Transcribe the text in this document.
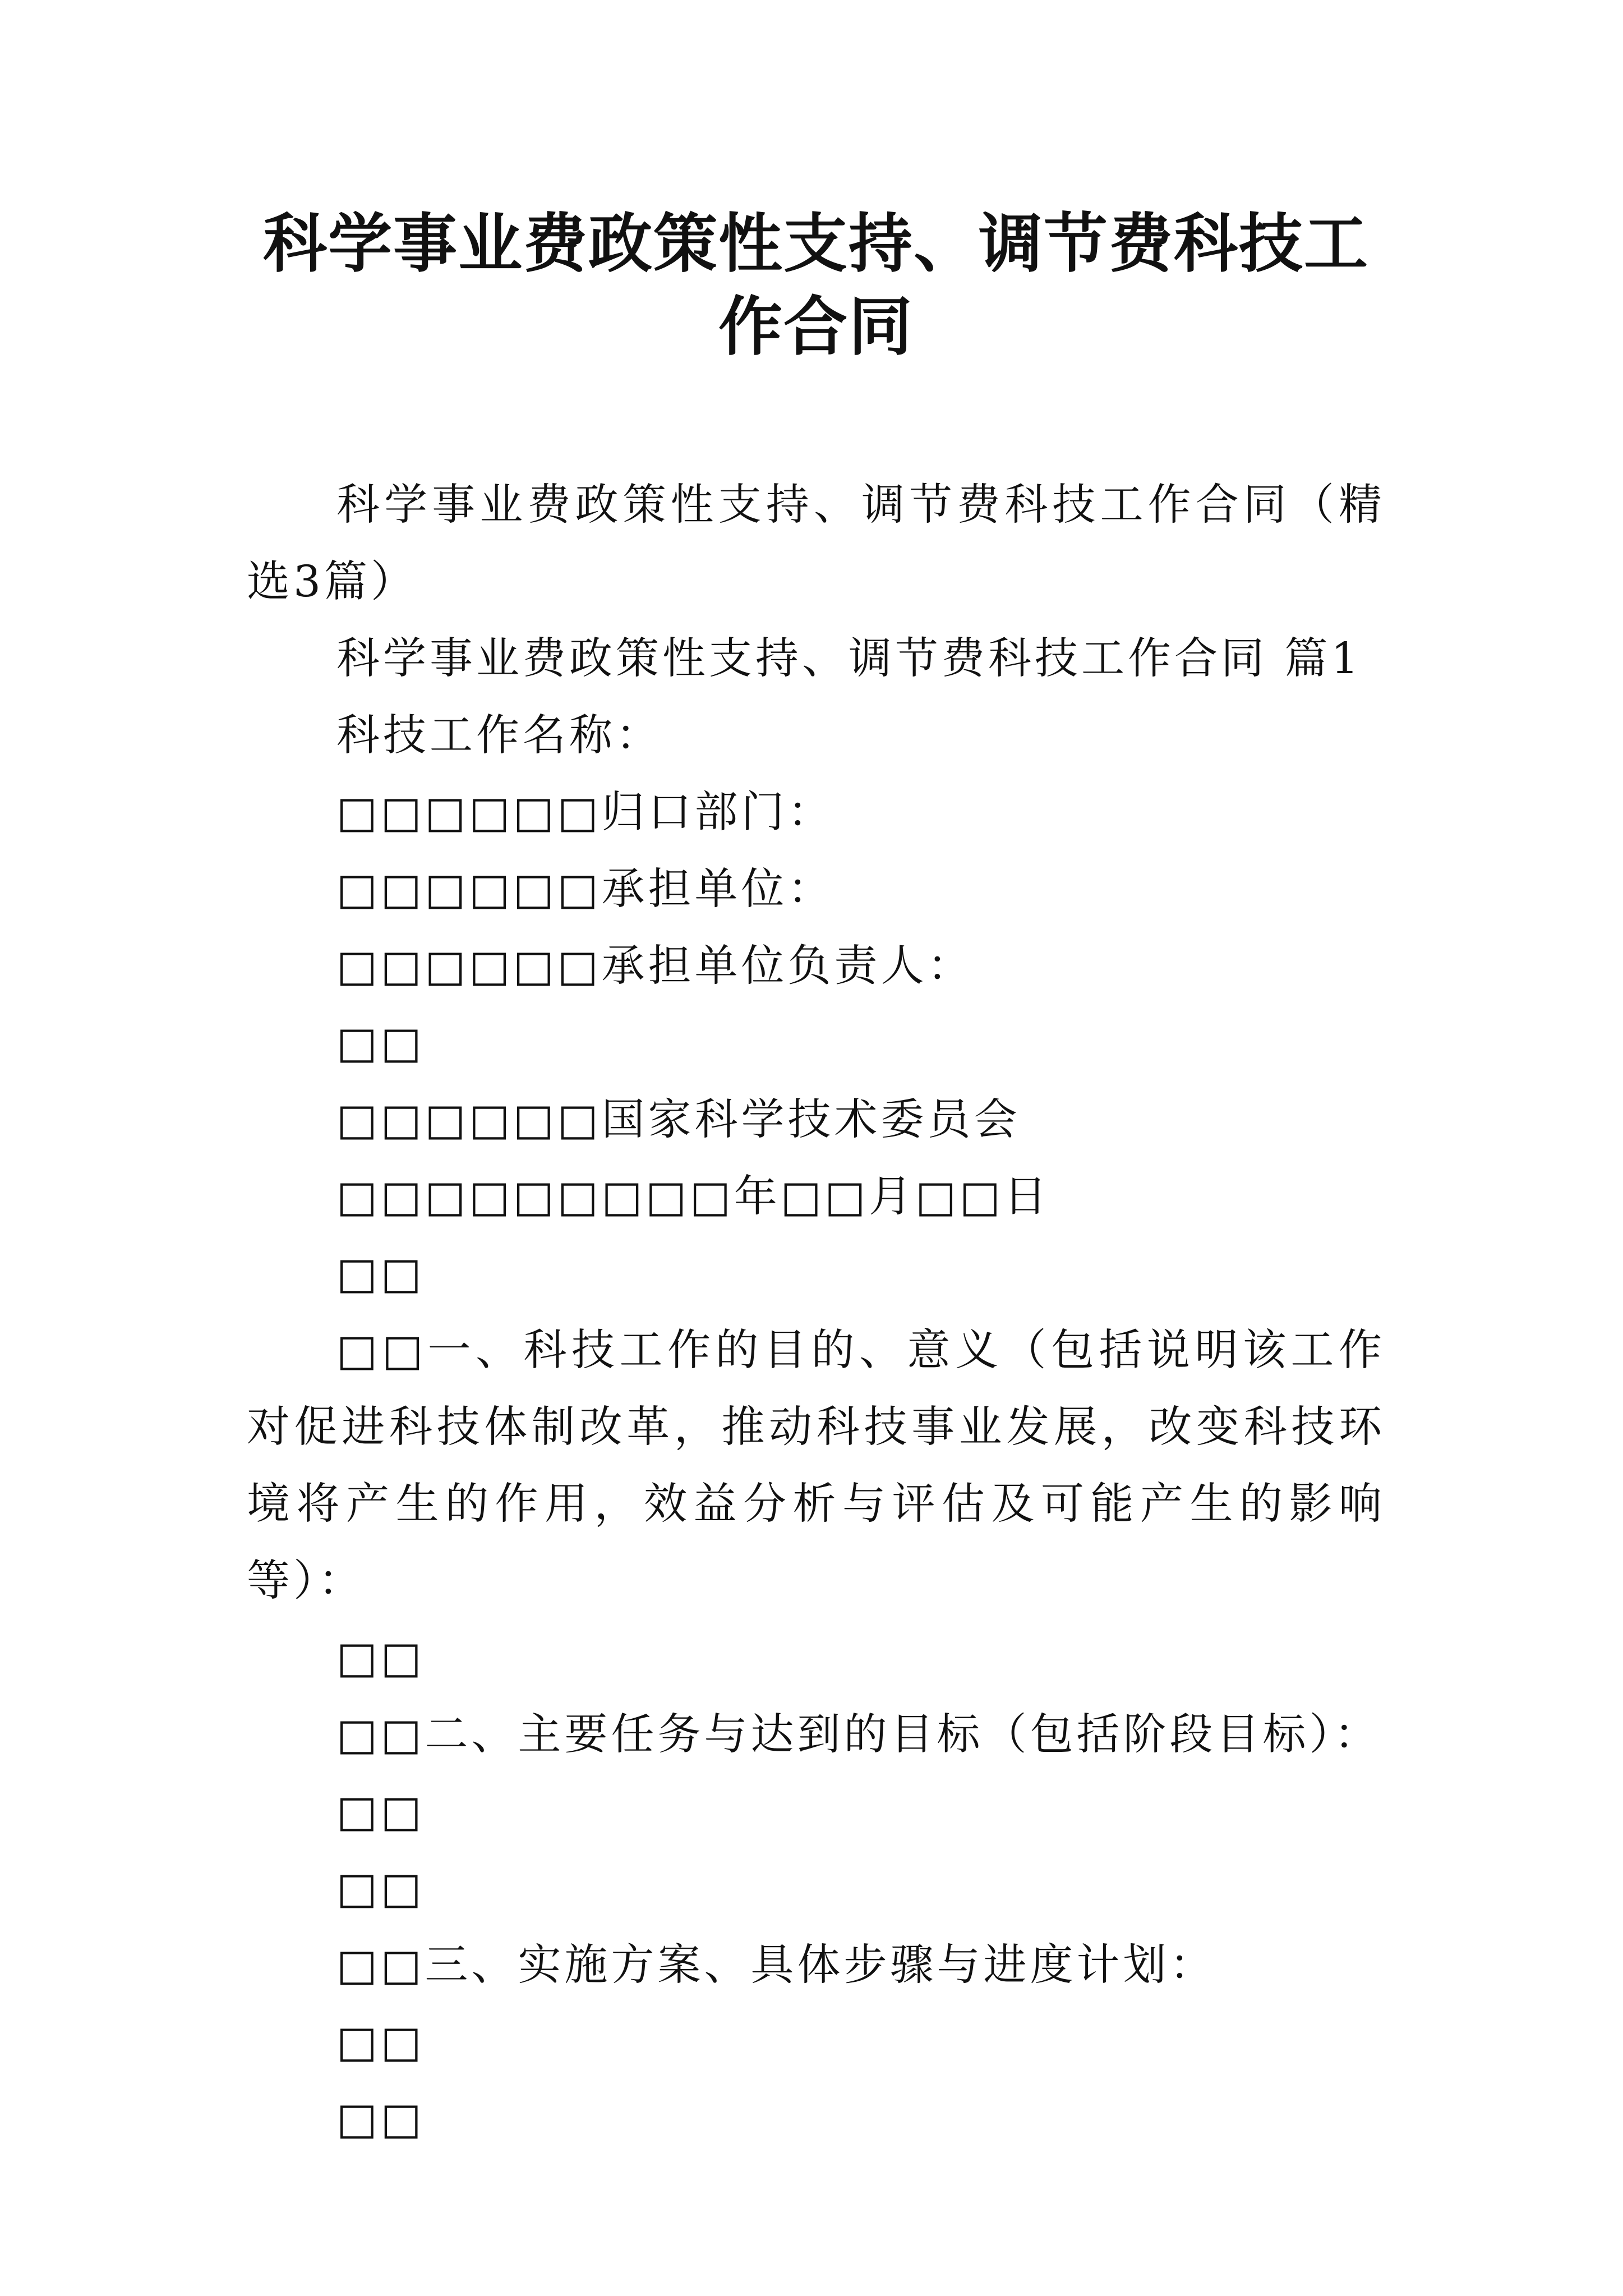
科学事业费政策性支持、调节费科技工作合同

科学事业费政策性支持、调节费科技工作合同（精选3篇）

科学事业费政策性支持、调节费科技工作合同 篇1

科技工作名称：

□□□□□□归口部门：

□□□□□□承担单位：

□□□□□□承担单位负责人：

□□

□□□□□□国家科学技术委员会

□□□□□□□□□年□□月□□日

□□

□□一、科技工作的目的、意义（包括说明该工作对促进科技体制改革，推动科技事业发展，改变科技环境将产生的作用，效益分析与评估及可能产生的影响等）：

□□

□□二、主要任务与达到的目标（包括阶段目标）：

□□

□□

□□三、实施方案、具体步骤与进度计划：

□□

□□
